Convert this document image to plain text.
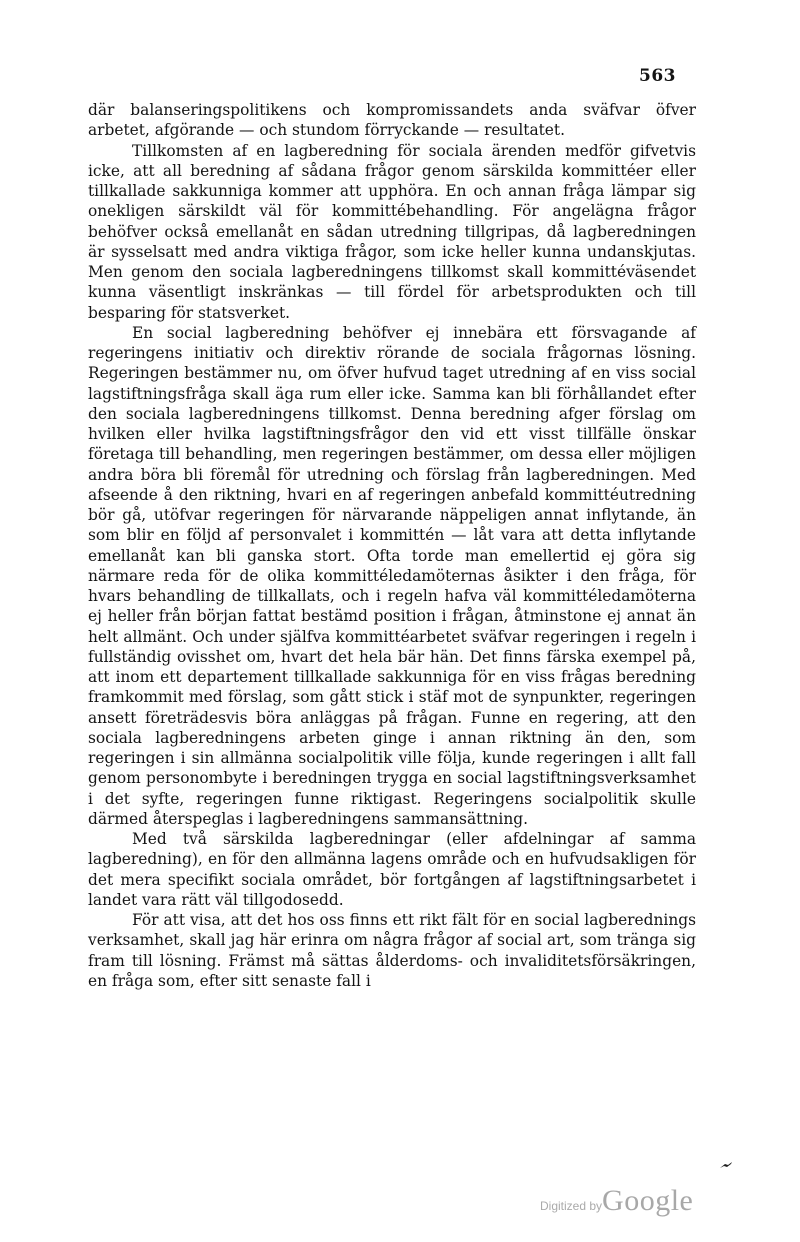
563

där balanseringspolitikens och kompromissandets anda sväfvar öfver arbetet, afgörande — och stundom förryckande — resultatet.

Tillkomsten af en lagberedning för sociala ärenden medför gifvetvis icke, att all beredning af sådana frågor genom särskilda kommittéer eller tillkallade sakkunniga kommer att upphöra. En och annan fråga lämpar sig onekligen särskildt väl för kommittébehandling. För angelägna frågor behöfver också emellanåt en sådan utredning tillgripas, då lagberedningen är sysselsatt med andra viktiga frågor, som icke heller kunna undanskjutas. Men genom den sociala lagberedningens tillkomst skall kommittéväsendet kunna väsentligt inskränkas — till fördel för arbetsprodukten och till besparing för statsverket.

En social lagberedning behöfver ej innebära ett försvagande af regeringens initiativ och direktiv rörande de sociala frågornas lösning. Regeringen bestämmer nu, om öfver hufvud taget utredning af en viss social lagstiftningsfråga skall äga rum eller icke. Samma kan bli förhållandet efter den sociala lagberedningens tillkomst. Denna beredning afger förslag om hvilken eller hvilka lagstiftningsfrågor den vid ett visst tillfälle önskar företaga till behandling, men regeringen bestämmer, om dessa eller möjligen andra böra bli föremål för utredning och förslag från lagberedningen. Med afseende å den riktning, hvari en af regeringen anbefald kommittéutredning bör gå, utöfvar regeringen för närvarande näppeligen annat inflytande, än som blir en följd af personvalet i kommittén — låt vara att detta inflytande emellanåt kan bli ganska stort. Ofta torde man emellertid ej göra sig närmare reda för de olika kommittéledamöternas åsikter i den fråga, för hvars behandling de tillkallats, och i regeln hafva väl kommittéledamöterna ej heller från början fattat bestämd position i frågan, åtminstone ej annat än helt allmänt. Och under själfva kommittéarbetet sväfvar regeringen i regeln i fullständig ovisshet om, hvart det hela bär hän. Det finns färska exempel på, att inom ett departement tillkallade sakkunniga för en viss frågas beredning framkommit med förslag, som gått stick i stäf mot de synpunkter, regeringen ansett företrädesvis böra anläggas på frågan. Funne en regering, att den sociala lagberedningens arbeten ginge i annan riktning än den, som regeringen i sin allmänna socialpolitik ville följa, kunde regeringen i allt fall genom personombyte i beredningen trygga en social lagstiftningsverksamhet i det syfte, regeringen funne riktigast. Regeringens socialpolitik skulle därmed återspeglas i lagberedningens sammansättning.

Med två särskilda lagberedningar (eller afdelningar af samma lagberedning), en för den allmänna lagens område och en hufvudsakligen för det mera specifikt sociala området, bör fortgången af lagstiftningsarbetet i landet vara rätt väl tillgodosedd.

För att visa, att det hos oss finns ett rikt fält för en social lagberednings verksamhet, skall jag här erinra om några frågor af social art, som tränga sig fram till lösning. Främst må sättas ålderdoms- och invaliditetsförsäkringen, en fråga som, efter sitt senaste fall i

Digitized by Google
